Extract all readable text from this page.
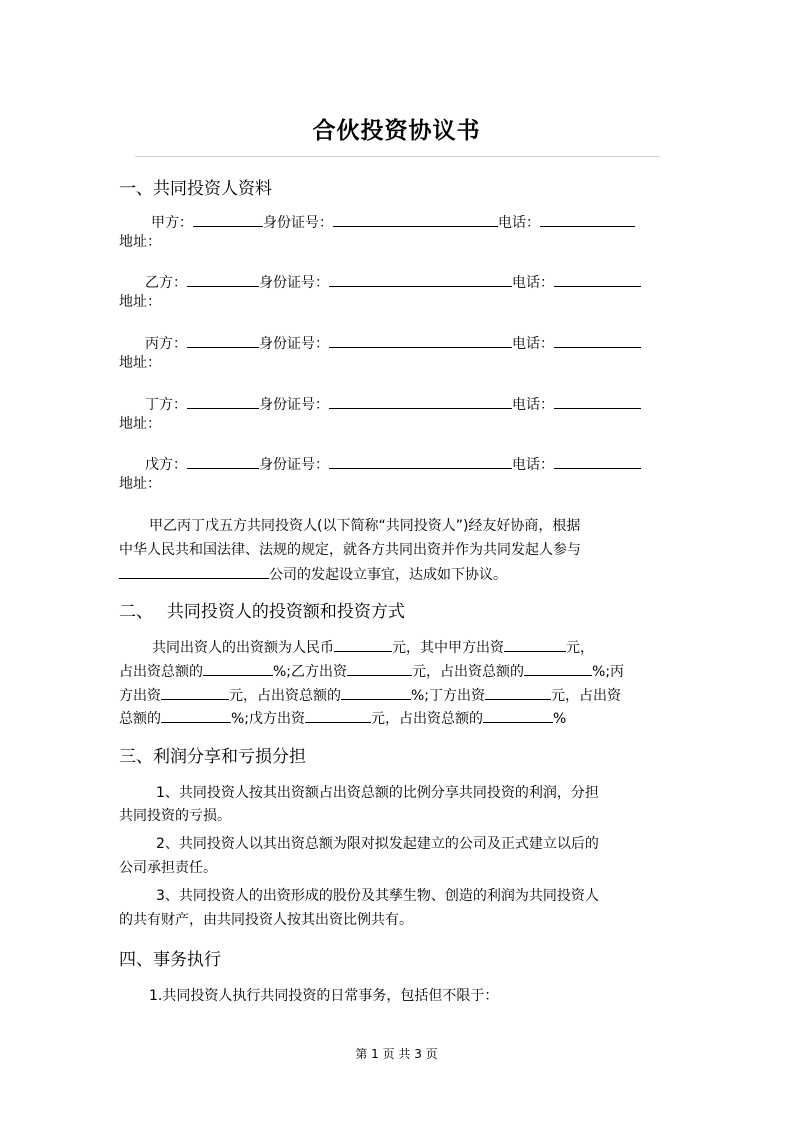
合伙投资协议书
一、共同投资人资料
甲方：	身份证号：	电话：
地址：
乙方：	身份证号：	电话：
地址：
丙方：	身份证号：	电话：
地址：
丁方：	身份证号：	电话：
地址：
戊方：	身份证号：	电话：
地址：
甲乙丙丁戊五方共同投资人(以下简称“共同投资人”)经友好协商，根据
中华人民共和国法律、法规的规定，就各方共同出资并作为共同发起人参与
公司的发起设立事宜，达成如下协议。
二、　 共同投资人的投资额和投资方式
共同出资人的出资额为人民币	元，其中甲方出资	元，
占出资总额的	%;乙方出资	元，占出资总额的	%;丙
方出资	元，占出资总额的	%;丁方出资	元，占出资
总额的	%;戊方出资	元，占出资总额的	%
三、利润分享和亏损分担
1、共同投资人按其出资额占出资总额的比例分享共同投资的利润，分担
共同投资的亏损。
2、共同投资人以其出资总额为限对拟发起建立的公司及正式建立以后的
公司承担责任。
3、共同投资人的出资形成的股份及其孳生物、创造的利润为共同投资人
的共有财产，由共同投资人按其出资比例共有。
四、事务执行
1.共同投资人执行共同投资的日常事务，包括但不限于：
第 1 页 共 3 页
